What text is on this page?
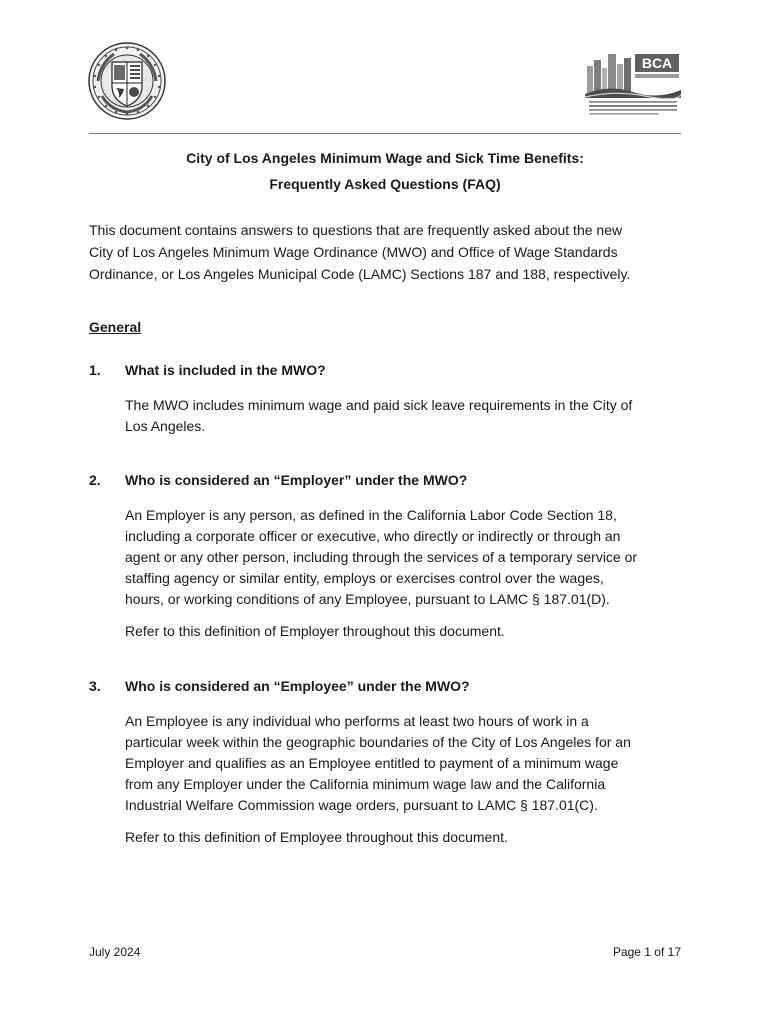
BCA
City of Los Angeles Minimum Wage and Sick Time Benefits:
Frequently Asked Questions (FAQ)
This document contains answers to questions that are frequently asked about the new
City of Los Angeles Minimum Wage Ordinance (MWO) and Office of Wage Standards
Ordinance, or Los Angeles Municipal Code (LAMC) Sections 187 and 188, respectively.
General
1. What is included in the MWO?
The MWO includes minimum wage and paid sick leave requirements in the City of
Los Angeles.
2. Who is considered an “Employer” under the MWO?
An Employer is any person, as defined in the California Labor Code Section 18,
including a corporate officer or executive, who directly or indirectly or through an
agent or any other person, including through the services of a temporary service or
staffing agency or similar entity, employs or exercises control over the wages,
hours, or working conditions of any Employee, pursuant to LAMC § 187.01(D).
Refer to this definition of Employer throughout this document.
3. Who is considered an “Employee” under the MWO?
An Employee is any individual who performs at least two hours of work in a
particular week within the geographic boundaries of the City of Los Angeles for an
Employer and qualifies as an Employee entitled to payment of a minimum wage
from any Employer under the California minimum wage law and the California
Industrial Welfare Commission wage orders, pursuant to LAMC § 187.01(C).
Refer to this definition of Employee throughout this document.
July 2024	Page 1 of 17
